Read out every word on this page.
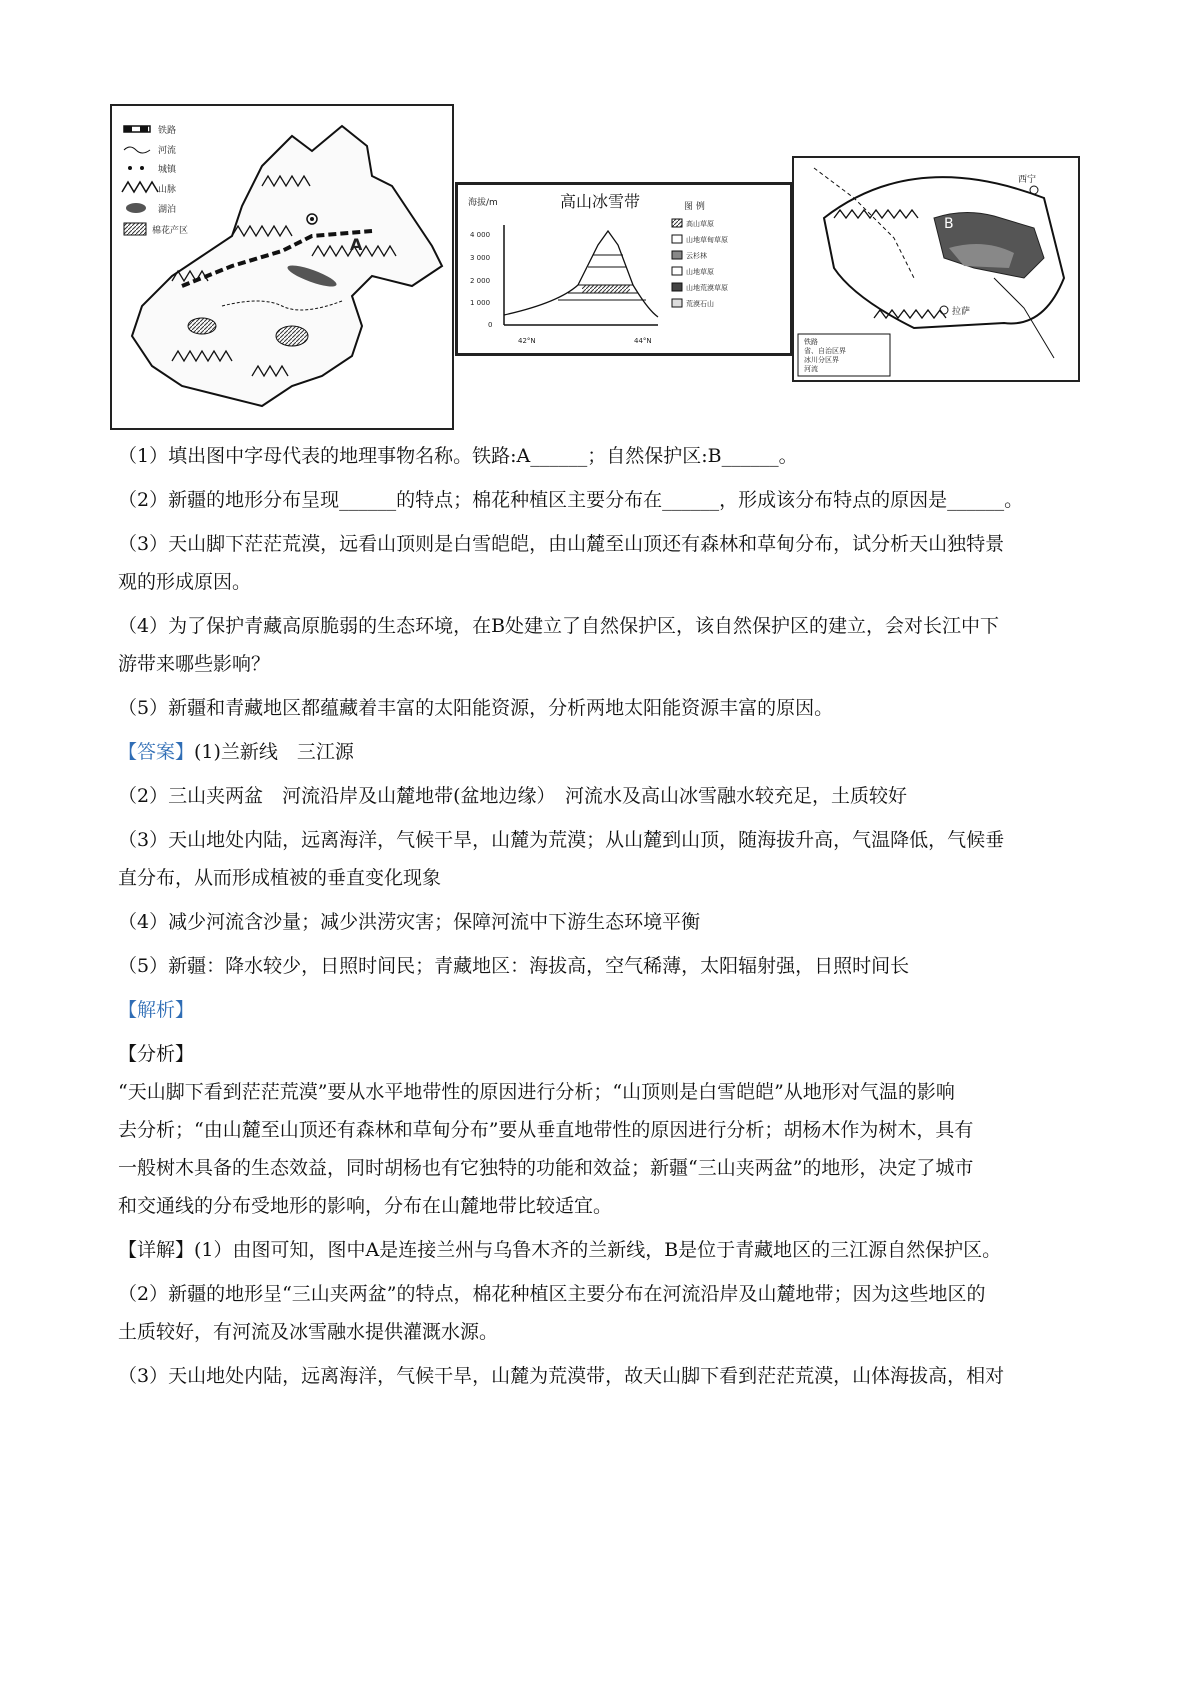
铁路
河流
城镇
山脉
湖泊
棉花产区
A
海拔/m	高山冰雪带
4 000
3 000
2 000
1 000
0
42°N	44°N
图 例
高山草原
山地草甸草原
云杉林
山地草原
山地荒漠草原
荒漠石山
B
西宁
拉萨
铁路
省、自治区界
冰川分区界
河流

（1）填出图中字母代表的地理事物名称。铁路:A______；自然保护区:B______。

（2）新疆的地形分布呈现______的特点；棉花种植区主要分布在______，形成该分布特点的原因是______。

（3）天山脚下茫茫荒漠，远看山顶则是白雪皑皑，由山麓至山顶还有森林和草甸分布，试分析天山独特景

观的形成原因。

（4）为了保护青藏高原脆弱的生态环境，在B处建立了自然保护区，该自然保护区的建立，会对长江中下

游带来哪些影响？

（5）新疆和青藏地区都蕴藏着丰富的太阳能资源，分析两地太阳能资源丰富的原因。

【答案】(1)兰新线　三江源

（2）三山夹两盆　河流沿岸及山麓地带(盆地边缘）　河流水及高山冰雪融水较充足，土质较好

（3）天山地处内陆，远离海洋，气候干旱，山麓为荒漠；从山麓到山顶，随海拔升高，气温降低，气候垂

直分布，从而形成植被的垂直变化现象

（4）减少河流含沙量；减少洪涝灾害；保障河流中下游生态环境平衡

（5）新疆：降水较少，日照时间民；青藏地区：海拔高，空气稀薄，太阳辐射强，日照时间长

【解析】

【分析】

“天山脚下看到茫茫荒漠”要从水平地带性的原因进行分析；“山顶则是白雪皑皑”从地形对气温的影响

去分析；“由山麓至山顶还有森林和草甸分布”要从垂直地带性的原因进行分析；胡杨木作为树木，具有

一般树木具备的生态效益，同时胡杨也有它独特的功能和效益；新疆“三山夹两盆”的地形，决定了城市

和交通线的分布受地形的影响，分布在山麓地带比较适宜。

【详解】(1）由图可知，图中A是连接兰州与乌鲁木齐的兰新线，B是位于青藏地区的三江源自然保护区。

（2）新疆的地形呈“三山夹两盆”的特点，棉花种植区主要分布在河流沿岸及山麓地带；因为这些地区的

土质较好，有河流及冰雪融水提供灌溉水源。

（3）天山地处内陆，远离海洋，气候干旱，山麓为荒漠带，故天山脚下看到茫茫荒漠，山体海拔高，相对
